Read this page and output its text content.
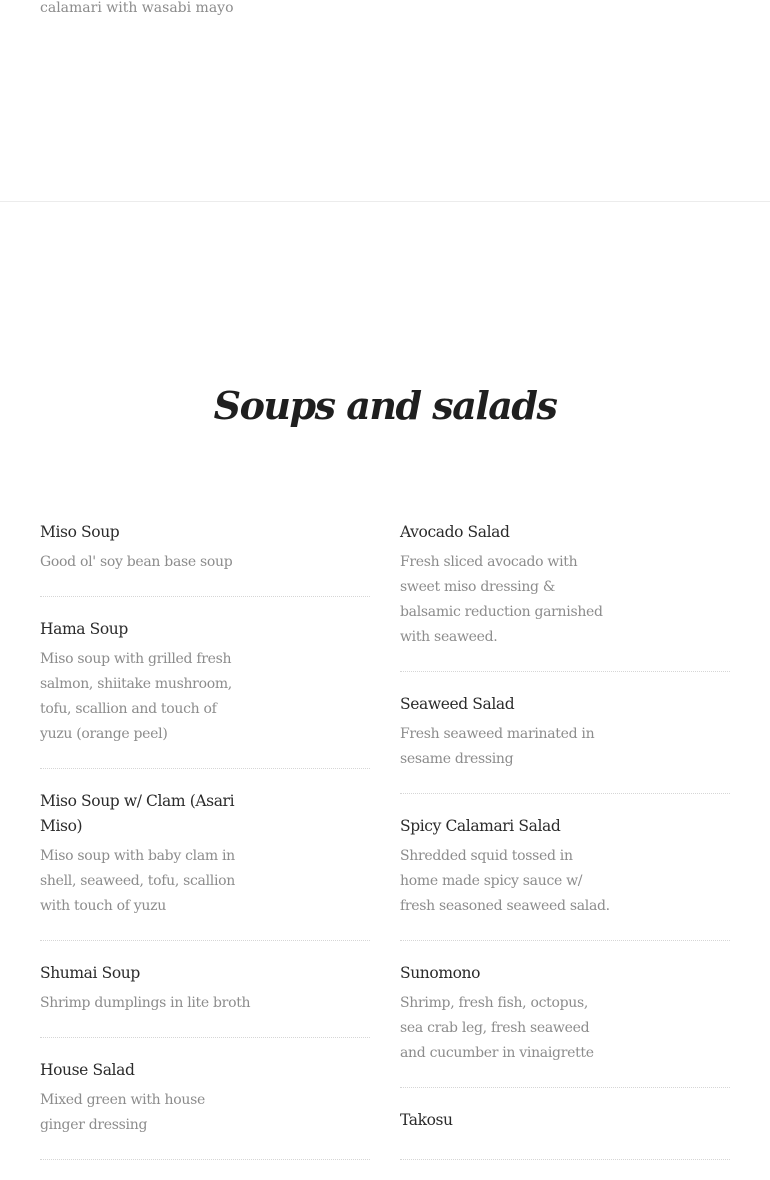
calamari with wasabi mayo
Soups and salads
Miso Soup

Good ol' soy bean base soup

Hama Soup

Miso soup with grilled fresh salmon, shiitake mushroom, tofu, scallion and touch of yuzu (orange peel)

Miso Soup w/ Clam (Asari Miso)

Miso soup with baby clam in shell, seaweed, tofu, scallion with touch of yuzu

Shumai Soup

Shrimp dumplings in lite broth

House Salad

Mixed green with house ginger dressing

Avocado Salad

Fresh sliced avocado with sweet miso dressing & balsamic reduction garnished with seaweed.

Seaweed Salad

Fresh seaweed marinated in sesame dressing

Spicy Calamari Salad

Shredded squid tossed in home made spicy sauce w/ fresh seasoned seaweed salad.

Sunomono

Shrimp, fresh fish, octopus, sea crab leg, fresh seaweed and cucumber in vinaigrette

Takosu
